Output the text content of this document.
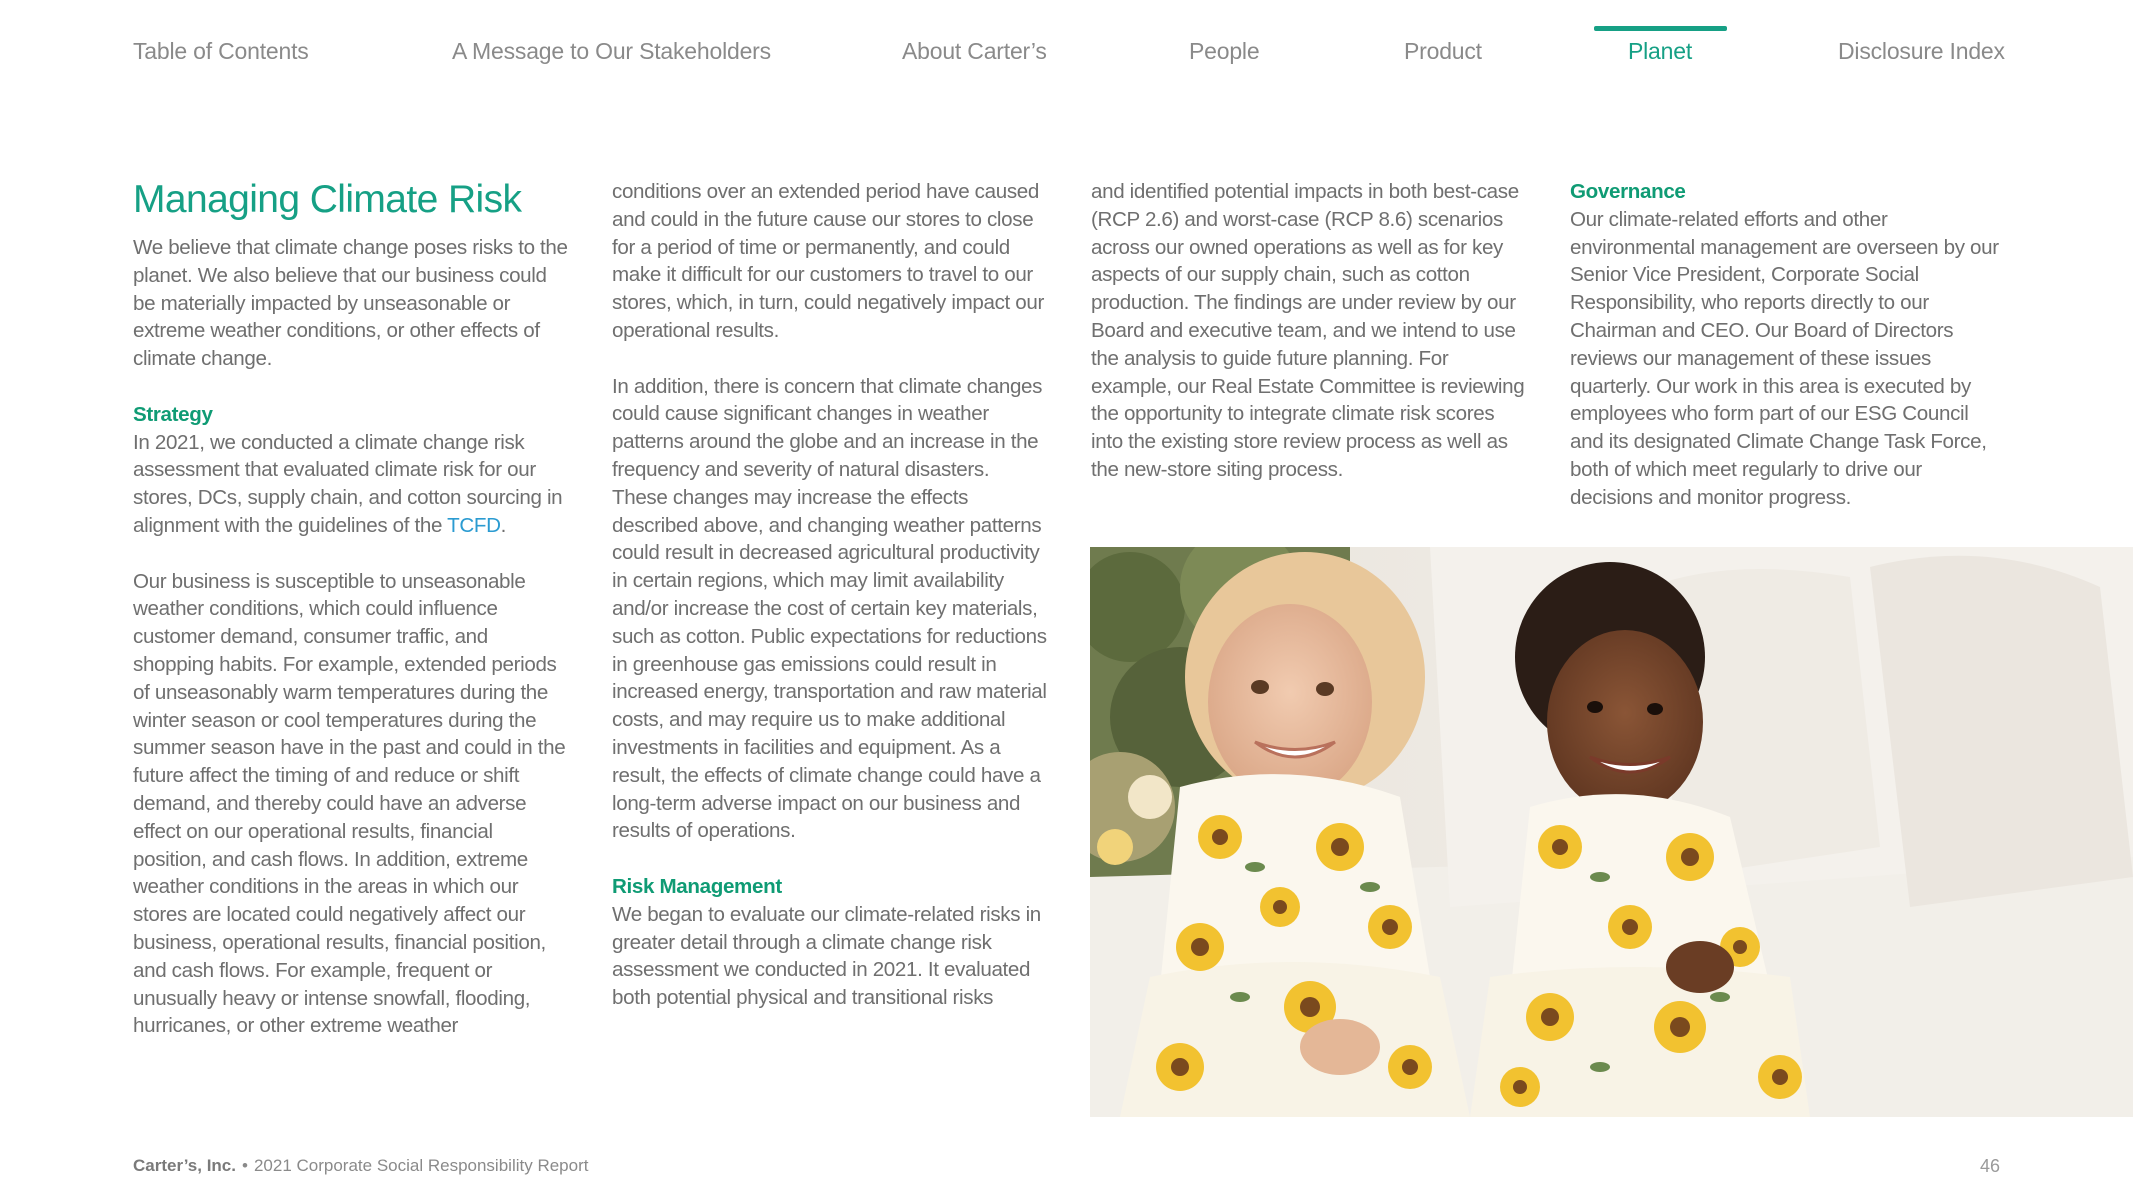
Table of Contents	A Message to Our Stakeholders	About Carter’s	People	Product	Planet	Disclosure Index
Managing Climate Risk

We believe that climate change poses risks to the planet. We also believe that our business could be materially impacted by unseasonable or extreme weather conditions, or other effects of climate change.

Strategy
In 2021, we conducted a climate change risk assessment that evaluated climate risk for our stores, DCs, supply chain, and cotton sourcing in alignment with the guidelines of the TCFD.

Our business is susceptible to unseasonable weather conditions, which could influence customer demand, consumer traffic, and shopping habits. For example, extended periods of unseasonably warm temperatures during the winter season or cool temperatures during the summer season have in the past and could in the future affect the timing of and reduce or shift demand, and thereby could have an adverse effect on our operational results, financial position, and cash flows. In addition, extreme weather conditions in the areas in which our stores are located could negatively affect our business, operational results, financial position, and cash flows. For example, frequent or unusually heavy or intense snowfall, flooding, hurricanes, or other extreme weather

conditions over an extended period have caused and could in the future cause our stores to close for a period of time or permanently, and could make it difficult for our customers to travel to our stores, which, in turn, could negatively impact our operational results.

In addition, there is concern that climate changes could cause significant changes in weather patterns around the globe and an increase in the frequency and severity of natural disasters. These changes may increase the effects described above, and changing weather patterns could result in decreased agricultural productivity in certain regions, which may limit availability and/or increase the cost of certain key materials, such as cotton. Public expectations for reductions in greenhouse gas emissions could result in increased energy, transportation and raw material costs, and may require us to make additional investments in facilities and equipment. As a result, the effects of climate change could have a long-term adverse impact on our business and results of operations.

Risk Management
We began to evaluate our climate-related risks in greater detail through a climate change risk assessment we conducted in 2021. It evaluated both potential physical and transitional risks

and identified potential impacts in both best-case (RCP 2.6) and worst-case (RCP 8.6) scenarios across our owned operations as well as for key aspects of our supply chain, such as cotton production. The findings are under review by our Board and executive team, and we intend to use the analysis to guide future planning. For example, our Real Estate Committee is reviewing the opportunity to integrate climate risk scores into the existing store review process as well as the new-store siting process.

Governance
Our climate-related efforts and other environmental management are overseen by our Senior Vice President, Corporate Social Responsibility, who reports directly to our Chairman and CEO. Our Board of Directors reviews our management of these issues quarterly. Our work in this area is executed by employees who form part of our ESG Council and its designated Climate Change Task Force, both of which meet regularly to drive our decisions and monitor progress.

Carter’s, Inc. • 2021 Corporate Social Responsibility Report	46
